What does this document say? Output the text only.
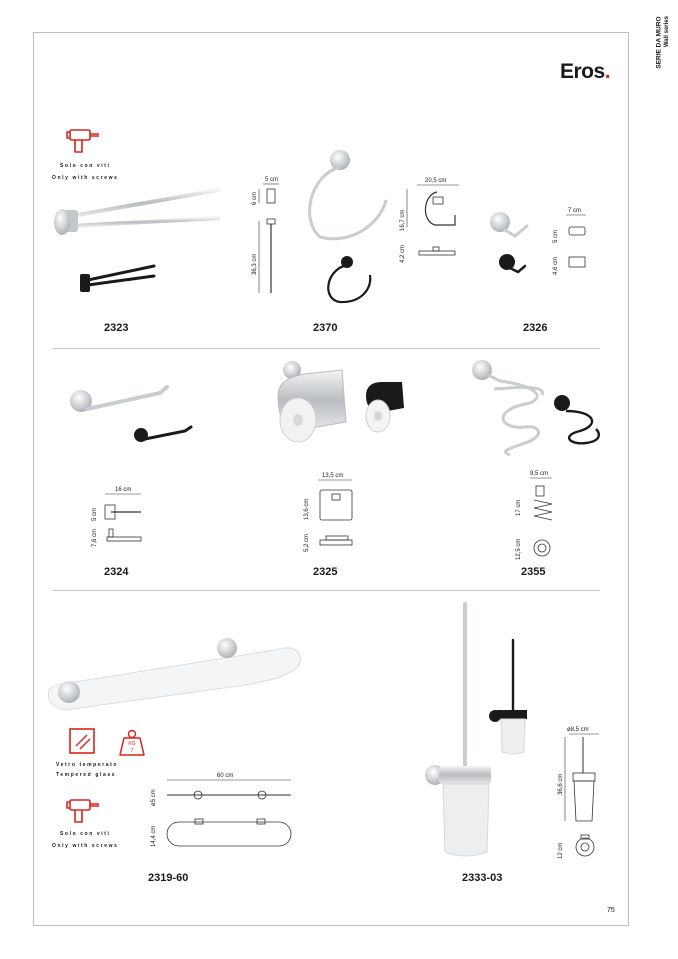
SERIE DA MURO Wall series
Eros.
Solo con viti
Only with screws	5 cm
6 cm
36,3 cm
20,5 cm
16,7 cm
4,2 cm
7 cm
5 cm
4,6 cm
2323	2370	2326
16 cm
5 cm
7,6 cm
13,5 cm
13,6 cm
5,2 cm
9,5 cm
17 cm
12,5 cm
2324	2325	2355
KG
7
Vetro temperato
Tempered glass
Solo con viti
Only with screws
60 cm
ø5 cm
14,4 cm
ø8,5 cm
36,6 cm
12 cm
2319-60	2333-03
75
